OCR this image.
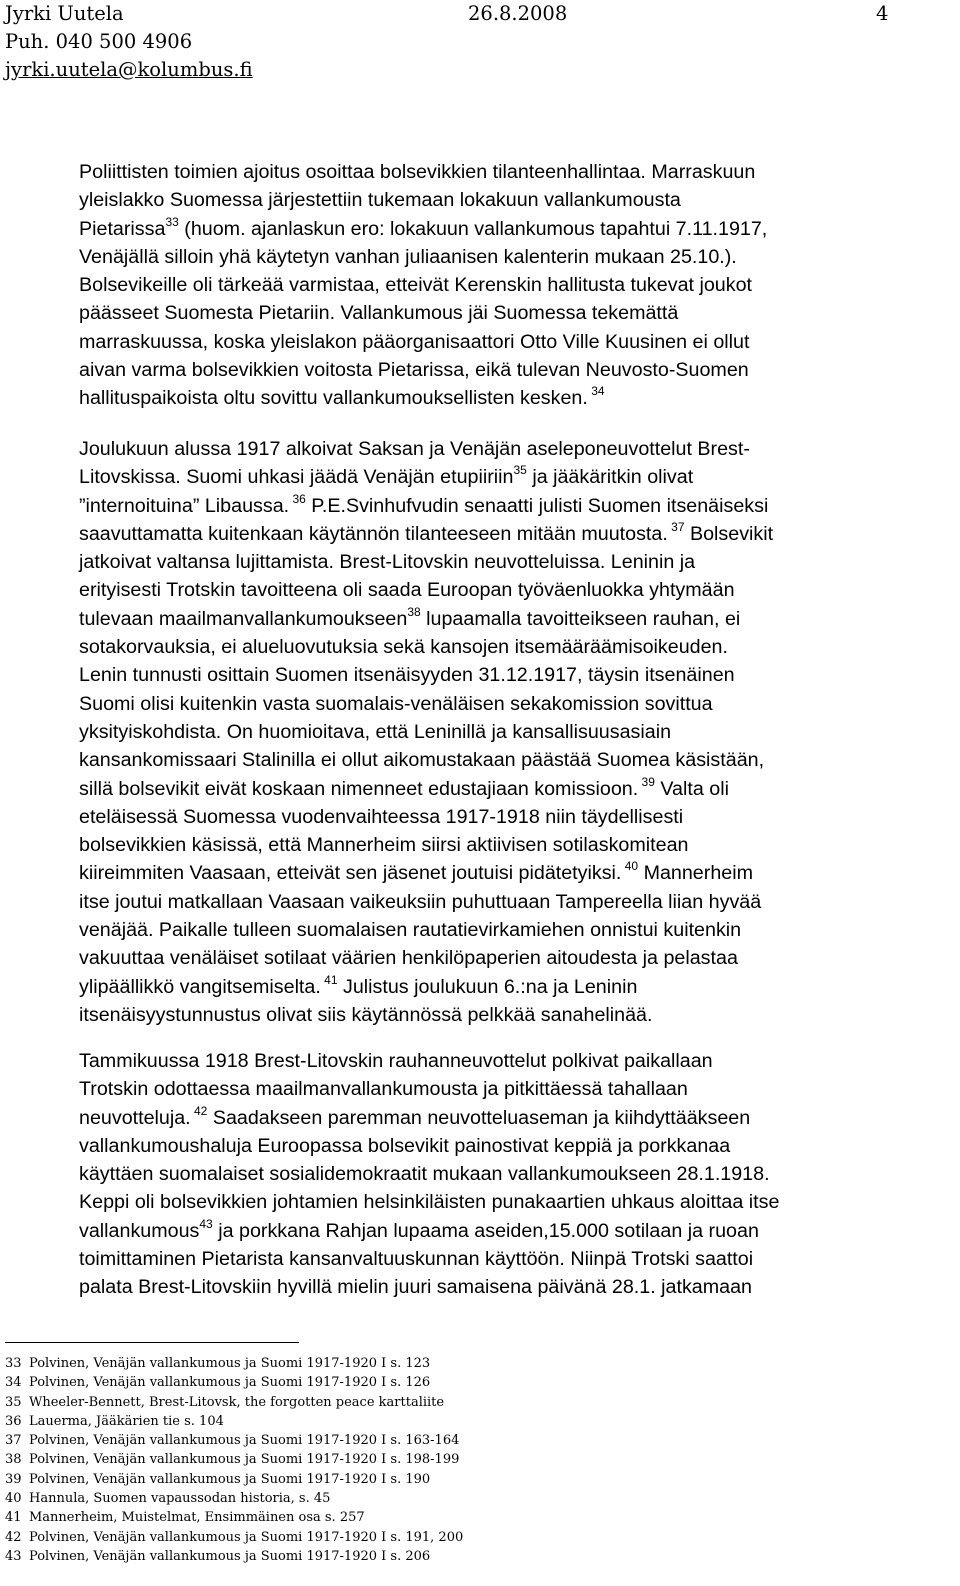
Jyrki Uutela
Puh. 040 500 4906
jyrki.uutela@kolumbus.fi
26.8.2008	4
Poliittisten toimien ajoitus osoittaa bolsevikkien tilanteenhallintaa. Marraskuun
yleislakko Suomessa järjestettiin tukemaan lokakuun vallankumousta
Pietarissa$^{33}$ (huom. ajanlaskun ero: lokakuun vallankumous tapahtui 7.11.1917,
Venäjällä silloin yhä käytetyn vanhan juliaanisen kalenterin mukaan 25.10.).
Bolsevikeille oli tärkeää varmistaa, etteivät Kerenskin hallitusta tukevat joukot
päässeet Suomesta Pietariin. Vallankumous jäi Suomessa tekemättä
marraskuussa, koska yleislakon pääorganisaattori Otto Ville Kuusinen ei ollut
aivan varma bolsevikkien voitosta Pietarissa, eikä tulevan Neuvosto-Suomen
hallituspaikoista oltu sovittu vallankumouksellisten kesken. $^{34}$
Joulukuun alussa 1917 alkoivat Saksan ja Venäjän aseleponeuvottelut Brest-
Litovskissa. Suomi uhkasi jäädä Venäjän etupiiriin$^{35}$ ja jääkäritkin olivat
”internoituina” Libaussa. $^{36}$ P.E.Svinhufvudin senaatti julisti Suomen itsenäiseksi
saavuttamatta kuitenkaan käytännön tilanteeseen mitään muutosta. $^{37}$ Bolsevikit
jatkoivat valtansa lujittamista. Brest-Litovskin neuvotteluissa. Leninin ja
erityisesti Trotskin tavoitteena oli saada Euroopan työväenluokka yhtymään
tulevaan maailmanvallankumoukseen$^{38}$ lupaamalla tavoitteikseen rauhan, ei
sotakorvauksia, ei alueluovutuksia sekä kansojen itsemääräämisoikeuden.
Lenin tunnusti osittain Suomen itsenäisyyden 31.12.1917, täysin itsenäinen
Suomi olisi kuitenkin vasta suomalais-venäläisen sekakomission sovittua
yksityiskohdista. On huomioitava, että Leninillä ja kansallisuusasiain
kansankomissaari Stalinilla ei ollut aikomustakaan päästää Suomea käsistään,
sillä bolsevikit eivät koskaan nimenneet edustajiaan komissioon. $^{39}$ Valta oli
eteläisessä Suomessa vuodenvaihteessa 1917-1918 niin täydellisesti
bolsevikkien käsissä, että Mannerheim siirsi aktiivisen sotilaskomitean
kiireimmiten Vaasaan, etteivät sen jäsenet joutuisi pidätetyiksi. $^{40}$ Mannerheim
itse joutui matkallaan Vaasaan vaikeuksiin puhuttuaan Tampereella liian hyvää
venäjää. Paikalle tulleen suomalaisen rautatievirkamiehen onnistui kuitenkin
vakuuttaa venäläiset sotilaat väärien henkilöpaperien aitoudesta ja pelastaa
ylipäällikkö vangitsemiselta. $^{41}$ Julistus joulukuun 6.:na ja Leninin
itsenäisyystunnustus olivat siis käytännössä pelkkää sanahelinää.
Tammikuussa 1918 Brest-Litovskin rauhanneuvottelut polkivat paikallaan
Trotskin odottaessa maailmanvallankumousta ja pitkittäessä tahallaan
neuvotteluja. $^{42}$ Saadakseen paremman neuvotteluaseman ja kiihdyttääkseen
vallankumoushaluja Euroopassa bolsevikit painostivat keppiä ja porkkanaa
käyttäen suomalaiset sosialidemokraatit mukaan vallankumoukseen 28.1.1918.
Keppi oli bolsevikkien johtamien helsinkiläisten punakaartien uhkaus aloittaa itse
vallankumous$^{43}$ ja porkkana Rahjan lupaama aseiden,15.000 sotilaan ja ruoan
toimittaminen Pietarista kansanvaltuuskunnan käyttöön. Niinpä Trotski saattoi
palata Brest-Litovskiin hyvillä mielin juuri samaisena päivänä 28.1. jatkamaan
33 Polvinen, Venäjän vallankumous ja Suomi 1917-1920 I s. 123
34 Polvinen, Venäjän vallankumous ja Suomi 1917-1920 I s. 126
35 Wheeler-Bennett, Brest-Litovsk, the forgotten peace karttaliite
36 Lauerma, Jääkärien tie s. 104
37 Polvinen, Venäjän vallankumous ja Suomi 1917-1920 I s. 163-164
38 Polvinen, Venäjän vallankumous ja Suomi 1917-1920 I s. 198-199
39 Polvinen, Venäjän vallankumous ja Suomi 1917-1920 I s. 190
40 Hannula, Suomen vapaussodan historia, s. 45
41 Mannerheim, Muistelmat, Ensimmäinen osa s. 257
42 Polvinen, Venäjän vallankumous ja Suomi 1917-1920 I s. 191, 200
43 Polvinen, Venäjän vallankumous ja Suomi 1917-1920 I s. 206
